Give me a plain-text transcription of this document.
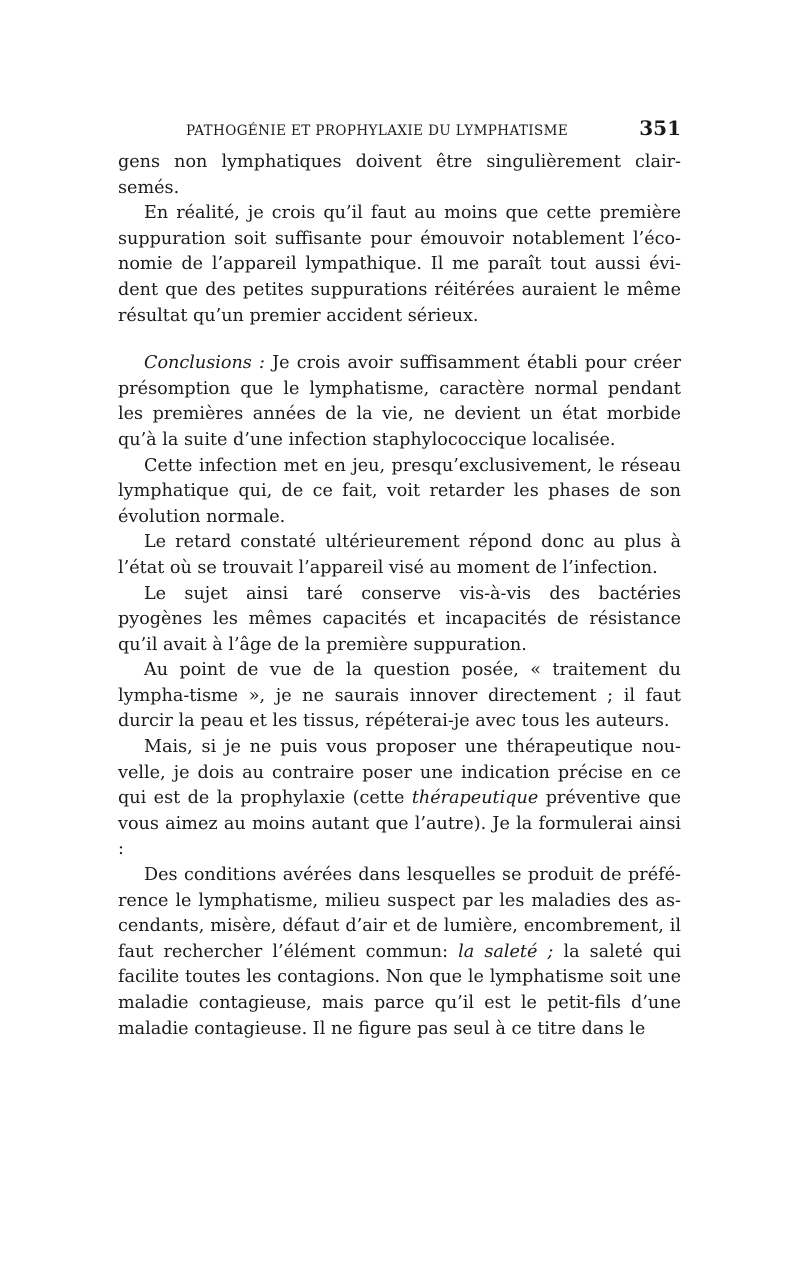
PATHOGÉNIE ET PROPHYLAXIE DU LYMPHATISME	351

gens non lymphatiques doivent être singulièrement clair-semés.

En réalité, je crois qu’il faut au moins que cette première suppuration soit suffisante pour émouvoir notablement l’éco-nomie de l’appareil lympathique. Il me paraît tout aussi évi-dent que des petites suppurations réitérées auraient le même résultat qu’un premier accident sérieux.

Conclusions : Je crois avoir suffisamment établi pour créer présomption que le lymphatisme, caractère normal pendant les premières années de la vie, ne devient un état morbide qu’à la suite d’une infection staphylococcique localisée.

Cette infection met en jeu, presqu’exclusivement, le réseau lymphatique qui, de ce fait, voit retarder les phases de son évolution normale.

Le retard constaté ultérieurement répond donc au plus à l’état où se trouvait l’appareil visé au moment de l’infection.

Le sujet ainsi taré conserve vis-à-vis des bactéries pyogènes les mêmes capacités et incapacités de résistance qu’il avait à l’âge de la première suppuration.

Au point de vue de la question posée, « traitement du lympha-tisme », je ne saurais innover directement ; il faut durcir la peau et les tissus, répéterai-je avec tous les auteurs.

Mais, si je ne puis vous proposer une thérapeutique nou-velle, je dois au contraire poser une indication précise en ce qui est de la prophylaxie (cette thérapeutique préventive que vous aimez au moins autant que l’autre). Je la formulerai ainsi :

Des conditions avérées dans lesquelles se produit de préfé-rence le lymphatisme, milieu suspect par les maladies des as-cendants, misère, défaut d’air et de lumière, encombrement, il faut rechercher l’élément commun: la saleté ; la saleté qui facilite toutes les contagions. Non que le lymphatisme soit une maladie contagieuse, mais parce qu’il est le petit-fils d’une maladie contagieuse. Il ne figure pas seul à ce titre dans le
